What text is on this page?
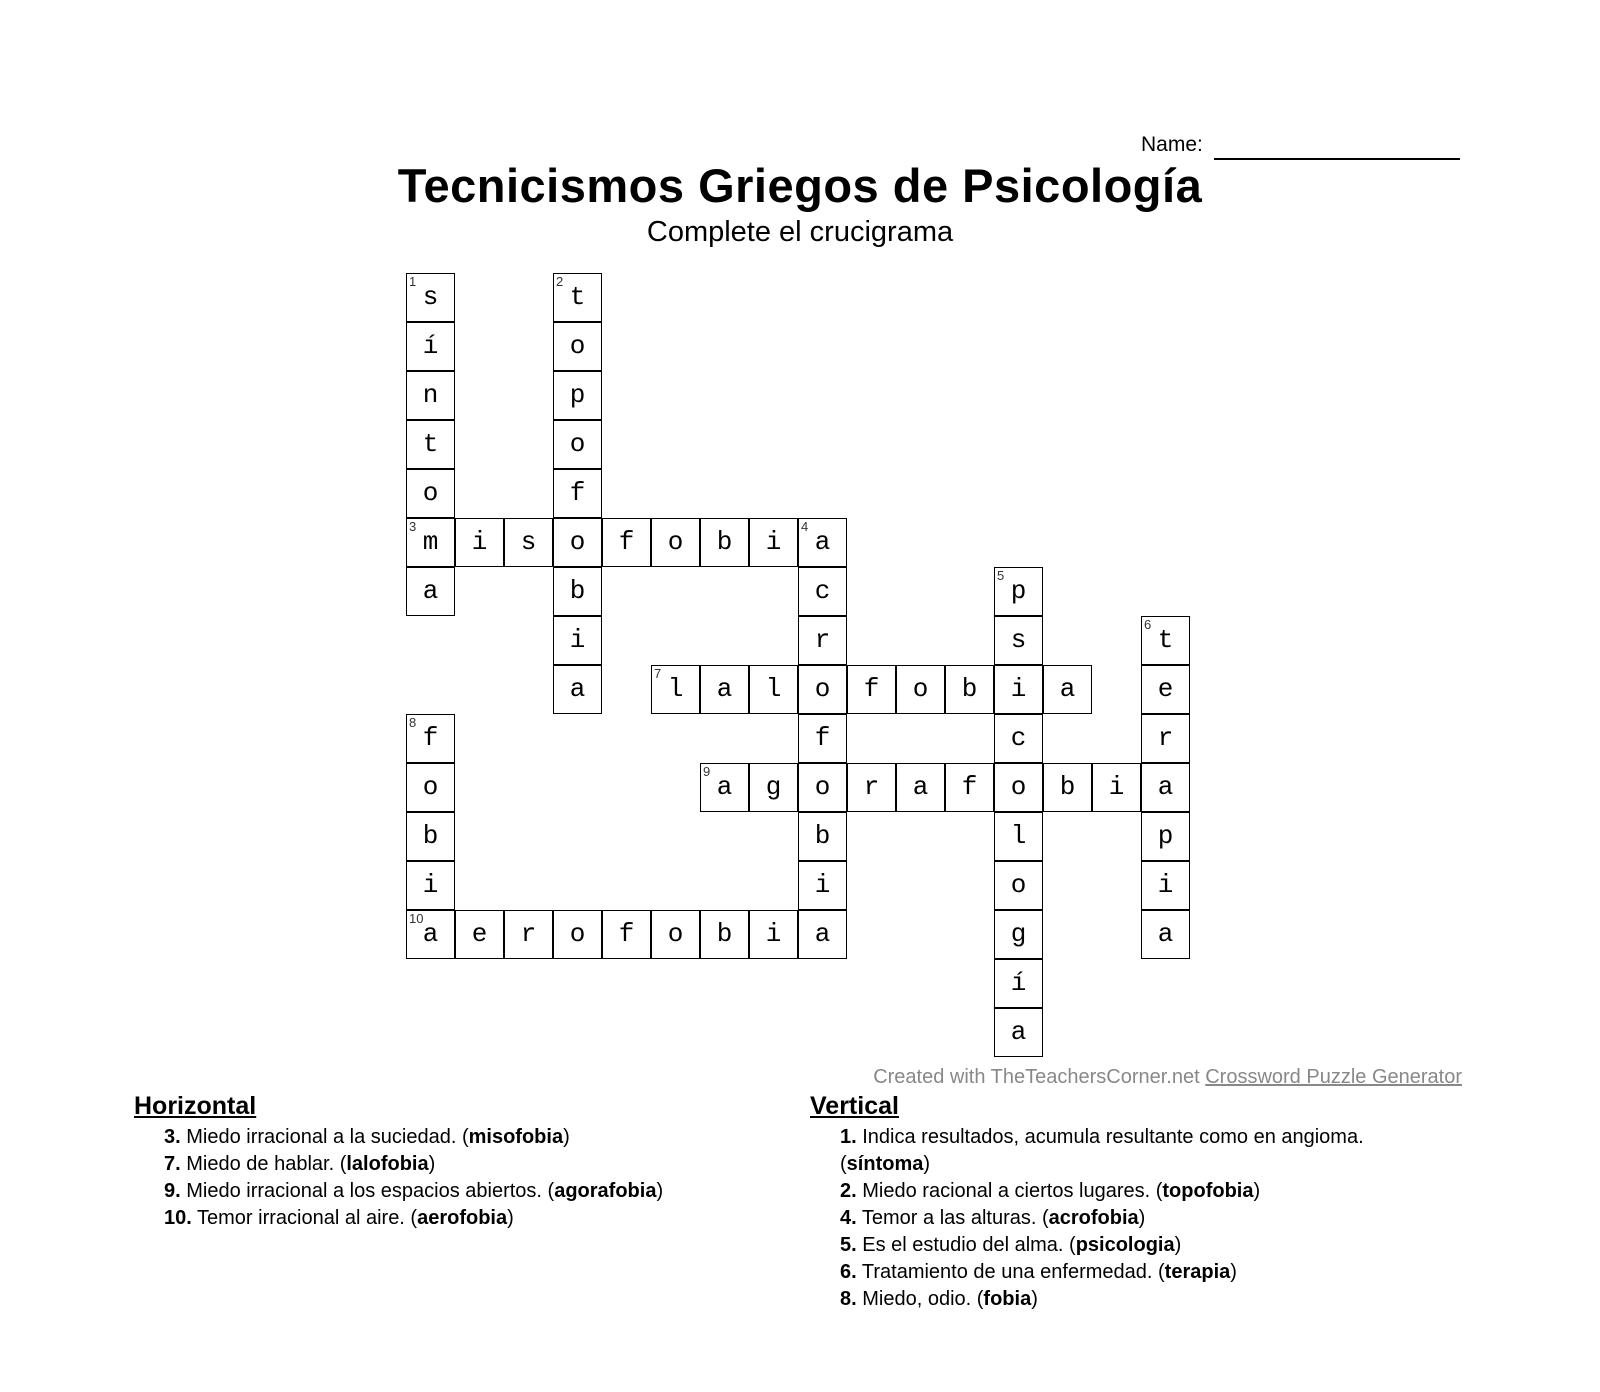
Name:
Tecnicismos Griegos de Psicología
Complete el crucigrama
1
s
í
n
t
o
3
m
a
2
t
o
p
o
f
o
b
i
a
i	s	f	o	b	i
4
a
c
r
o
f
o
b
i
a
5
p
s
i
c
o
l
o
g
í
a
6
t
e
r
a
p
i
a
7
l	a	l	f	o	b	a
8
f
o
b
i
10
a
9
a	g	r	a	f	b	i
e	r	o	f	o	b	i
Created with TheTeachersCorner.net Crossword Puzzle Generator
Horizontal
3. Miedo irracional a la suciedad. (misofobia)
7. Miedo de hablar. (lalofobia)
9. Miedo irracional a los espacios abiertos. (agorafobia)
10. Temor irracional al aire. (aerofobia)
Vertical
1. Indica resultados, acumula resultante como en angioma. (síntoma)
2. Miedo racional a ciertos lugares. (topofobia)
4. Temor a las alturas. (acrofobia)
5. Es el estudio del alma. (psicologia)
6. Tratamiento de una enfermedad. (terapia)
8. Miedo, odio. (fobia)
